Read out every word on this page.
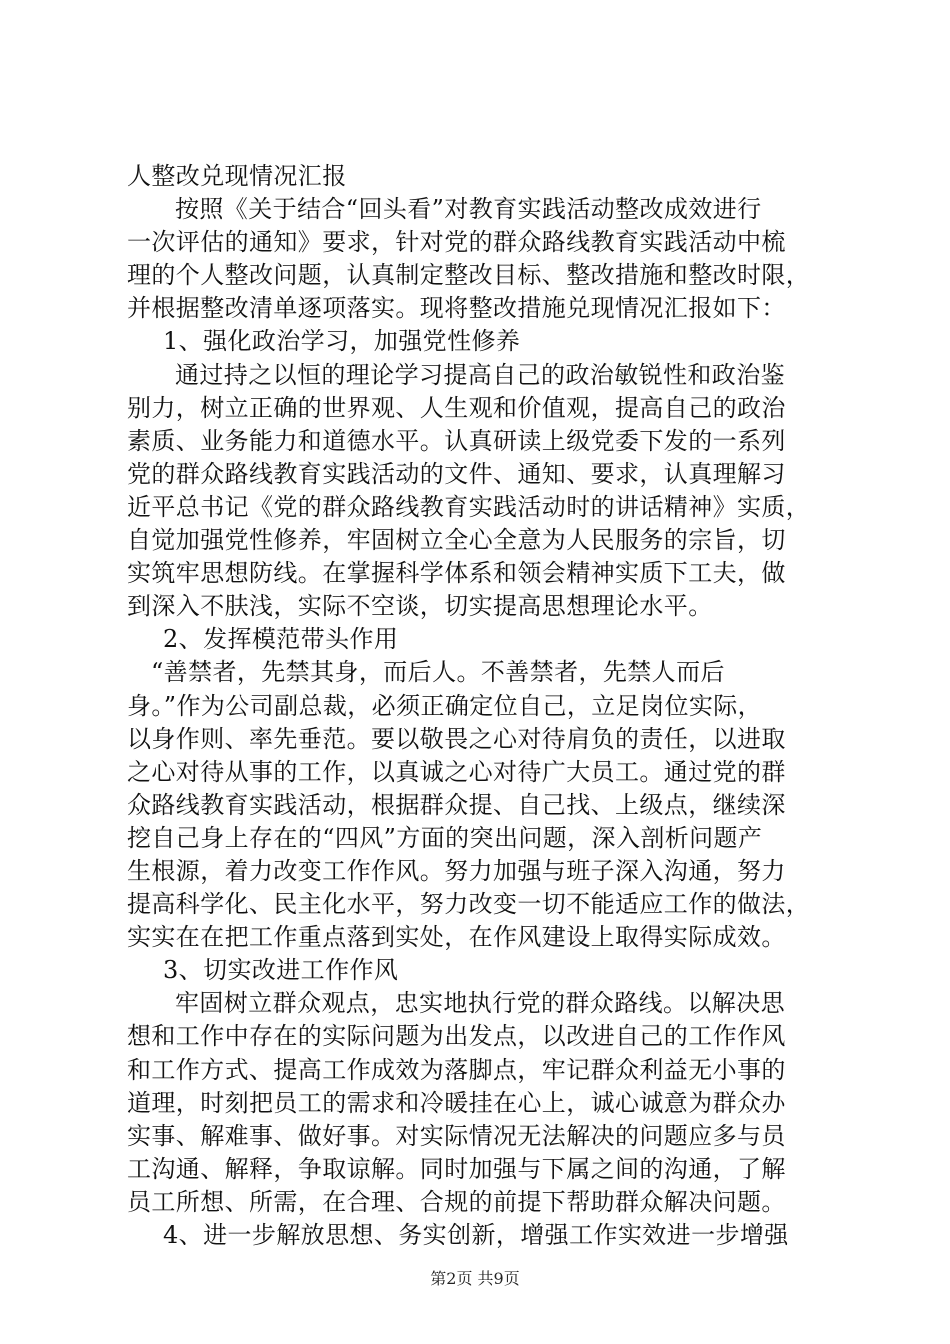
人整改兑现情况汇报
按照《关于结合“回头看”对教育实践活动整改成效进行
一次评估的通知》要求，针对党的群众路线教育实践活动中梳
理的个人整改问题，认真制定整改目标、整改措施和整改时限，
并根据整改清单逐项落实。现将整改措施兑现情况汇报如下：
1、强化政治学习，加强党性修养
通过持之以恒的理论学习提高自己的政治敏锐性和政治鉴
别力，树立正确的世界观、人生观和价值观，提高自己的政治
素质、业务能力和道德水平。认真研读上级党委下发的一系列
党的群众路线教育实践活动的文件、通知、要求，认真理解习
近平总书记《党的群众路线教育实践活动时的讲话精神》实质，
自觉加强党性修养，牢固树立全心全意为人民服务的宗旨，切
实筑牢思想防线。在掌握科学体系和领会精神实质下工夫，做
到深入不肤浅，实际不空谈，切实提高思想理论水平。
2、发挥模范带头作用
“善禁者，先禁其身，而后人。不善禁者，先禁人而后
身。”作为公司副总裁，必须正确定位自己，立足岗位实际，
以身作则、率先垂范。要以敬畏之心对待肩负的责任，以进取
之心对待从事的工作，以真诚之心对待广大员工。通过党的群
众路线教育实践活动，根据群众提、自己找、上级点，继续深
挖自己身上存在的“四风”方面的突出问题，深入剖析问题产
生根源，着力改变工作作风。努力加强与班子深入沟通，努力
提高科学化、民主化水平，努力改变一切不能适应工作的做法，
实实在在把工作重点落到实处，在作风建设上取得实际成效。
3、切实改进工作作风
牢固树立群众观点，忠实地执行党的群众路线。以解决思
想和工作中存在的实际问题为出发点，以改进自己的工作作风
和工作方式、提高工作成效为落脚点，牢记群众利益无小事的
道理，时刻把员工的需求和冷暖挂在心上，诚心诚意为群众办
实事、解难事、做好事。对实际情况无法解决的问题应多与员
工沟通、解释，争取谅解。同时加强与下属之间的沟通，了解
员工所想、所需，在合理、合规的前提下帮助群众解决问题。
4、进一步解放思想、务实创新，增强工作实效进一步增强
第2页 共9页
